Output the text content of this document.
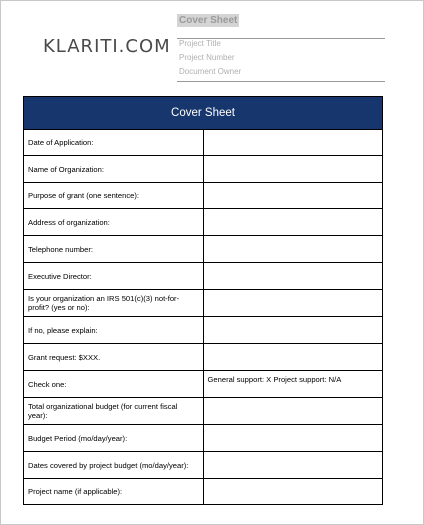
KLARITI.COM
Cover Sheet
Project Title
Project Number
Document Owner
Cover Sheet	
Date of Application:	
Name of Organization:	
Purpose of grant (one sentence):	
Address of organization:	
Telephone number:	
Executive Director:	
Is your organization an IRS 501(c)(3) not-for-profit? (yes or no):	
If no, please explain:	
Grant request: $XXX.	
Check one:	General support: X Project support: N/A
Total organizational budget (for current fiscal year):	
Budget Period (mo/day/year):	
Dates covered by project budget (mo/day/year):	
Project name (if applicable):	
